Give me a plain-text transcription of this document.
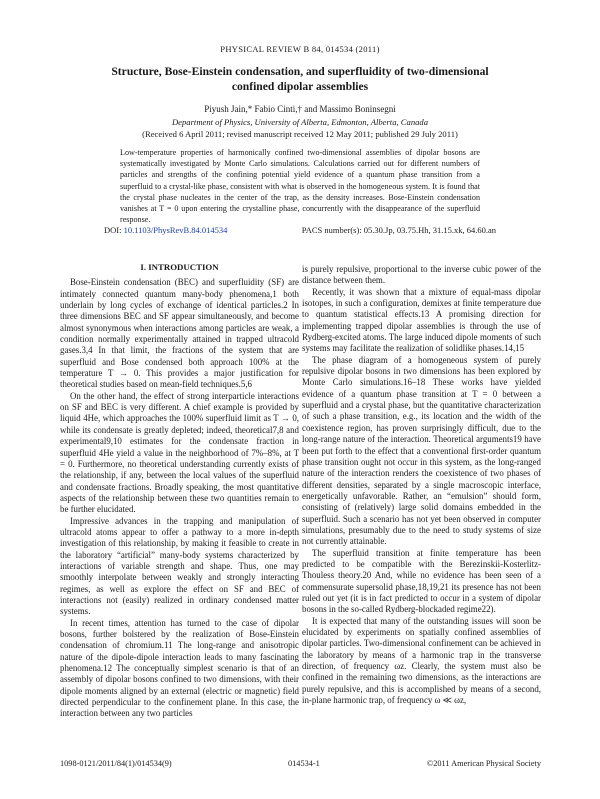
PHYSICAL REVIEW B 84, 014534 (2011)
Structure, Bose-Einstein condensation, and superfluidity of two-dimensional confined dipolar assemblies
Piyush Jain,* Fabio Cinti,† and Massimo Boninsegni
Department of Physics, University of Alberta, Edmonton, Alberta, Canada
(Received 6 April 2011; revised manuscript received 12 May 2011; published 29 July 2011)

Low-temperature properties of harmonically confined two-dimensional assemblies of dipolar bosons are systematically investigated by Monte Carlo simulations. Calculations carried out for different numbers of particles and strengths of the confining potential yield evidence of a quantum phase transition from a superfluid to a crystal-like phase, consistent with what is observed in the homogeneous system. It is found that the crystal phase nucleates in the center of the trap, as the density increases. Bose-Einstein condensation vanishes at T = 0 upon entering the crystalline phase, concurrently with the disappearance of the superfluid response.

DOI: 10.1103/PhysRevB.84.014534	PACS number(s): 05.30.Jp, 03.75.Hh, 31.15.xk, 64.60.an
I. INTRODUCTION

Bose-Einstein condensation (BEC) and superfluidity (SF) are intimately connected quantum many-body phenomena,1 both underlain by long cycles of exchange of identical particles.2 In three dimensions BEC and SF appear simultaneously, and become almost synonymous when interactions among particles are weak, a condition normally experimentally attained in trapped ultracold gases.3,4 In that limit, the fractions of the system that are superfluid and Bose condensed both approach 100% at the temperature T → 0. This provides a major justification for theoretical studies based on mean-field techniques.5,6

On the other hand, the effect of strong interparticle interactions on SF and BEC is very different. A chief example is provided by liquid 4He, which approaches the 100% superfluid limit as T → 0, while its condensate is greatly depleted; indeed, theoretical7,8 and experimental9,10 estimates for the condensate fraction in superfluid 4He yield a value in the neighborhood of 7%–8%, at T = 0. Furthermore, no theoretical understanding currently exists of the relationship, if any, between the local values of the superfluid and condensate fractions. Broadly speaking, the most quantitative aspects of the relationship between these two quantities remain to be further elucidated.

Impressive advances in the trapping and manipulation of ultracold atoms appear to offer a pathway to a more in-depth investigation of this relationship, by making it feasible to create in the laboratory “artificial” many-body systems characterized by interactions of variable strength and shape. Thus, one may smoothly interpolate between weakly and strongly interacting regimes, as well as explore the effect on SF and BEC of interactions not (easily) realized in ordinary condensed matter systems.

In recent times, attention has turned to the case of dipolar bosons, further bolstered by the realization of Bose-Einstein condensation of chromium.11 The long-range and anisotropic nature of the dipole-dipole interaction leads to many fascinating phenomena.12 The conceptually simplest scenario is that of an assembly of dipolar bosons confined to two dimensions, with their dipole moments aligned by an external (electric or magnetic) field directed perpendicular to the confinement plane. In this case, the interaction between any two particles

is purely repulsive, proportional to the inverse cubic power of the distance between them.

Recently, it was shown that a mixture of equal-mass dipolar isotopes, in such a configuration, demixes at finite temperature due to quantum statistical effects.13 A promising direction for implementing trapped dipolar assemblies is through the use of Rydberg-excited atoms. The large induced dipole moments of such systems may facilitate the realization of solidlike phases.14,15

The phase diagram of a homogeneous system of purely repulsive dipolar bosons in two dimensions has been explored by Monte Carlo simulations.16–18 These works have yielded evidence of a quantum phase transition at T = 0 between a superfluid and a crystal phase, but the quantitative characterization of such a phase transition, e.g., its location and the width of the coexistence region, has proven surprisingly difficult, due to the long-range nature of the interaction. Theoretical arguments19 have been put forth to the effect that a conventional first-order quantum phase transition ought not occur in this system, as the long-ranged nature of the interaction renders the coexistence of two phases of different densities, separated by a single macroscopic interface, energetically unfavorable. Rather, an “emulsion” should form, consisting of (relatively) large solid domains embedded in the superfluid. Such a scenario has not yet been observed in computer simulations, presumably due to the need to study systems of size not currently attainable.

The superfluid transition at finite temperature has been predicted to be compatible with the Berezinskii-Kosterlitz-Thouless theory.20 And, while no evidence has been seen of a commensurate supersolid phase,18,19,21 its presence has not been ruled out yet (it is in fact predicted to occur in a system of dipolar bosons in the so-called Rydberg-blockaded regime22).

It is expected that many of the outstanding issues will soon be elucidated by experiments on spatially confined assemblies of dipolar particles. Two-dimensional confinement can be achieved in the laboratory by means of a harmonic trap in the transverse direction, of frequency ωz. Clearly, the system must also be confined in the remaining two dimensions, as the interactions are purely repulsive, and this is accomplished by means of a second, in-plane harmonic trap, of frequency ω ≪ ωz,

1098-0121/2011/84(1)/014534(9)	014534-1	©2011 American Physical Society
